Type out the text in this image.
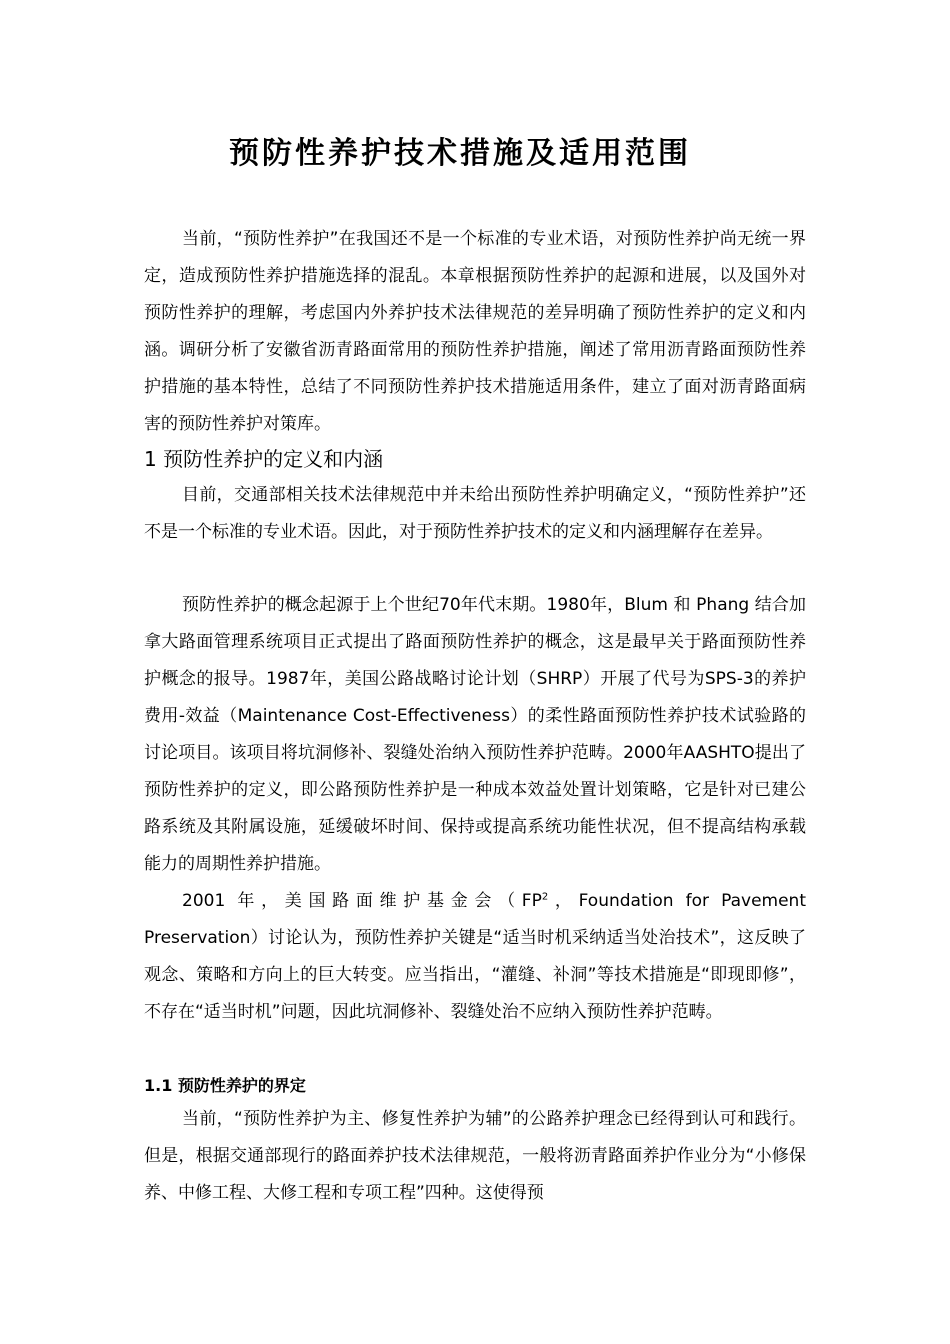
预防性养护技术措施及适用范围

当前，“预防性养护”在我国还不是一个标准的专业术语，对预防性养护尚无统一界定，造成预防性养护措施选择的混乱。本章根据预防性养护的起源和进展，以及国外对预防性养护的理解，考虑国内外养护技术法律规范的差异明确了预防性养护的定义和内涵。调研分析了安徽省沥青路面常用的预防性养护措施，阐述了常用沥青路面预防性养护措施的基本特性，总结了不同预防性养护技术措施适用条件，建立了面对沥青路面病害的预防性养护对策库。

1 预防性养护的定义和内涵

目前，交通部相关技术法律规范中并未给出预防性养护明确定义，“预防性养护”还不是一个标准的专业术语。因此，对于预防性养护技术的定义和内涵理解存在差异。

预防性养护的概念起源于上个世纪70年代末期。1980年，Blum 和 Phang 结合加拿大路面管理系统项目正式提出了路面预防性养护的概念，这是最早关于路面预防性养护概念的报导。1987年，美国公路战略讨论计划（SHRP）开展了代号为SPS-3的养护费用-效益（Maintenance Cost-Effectiveness）的柔性路面预防性养护技术试验路的讨论项目。该项目将坑洞修补、裂缝处治纳入预防性养护范畴。2000年AASHTO提出了预防性养护的定义，即公路预防性养护是一种成本效益处置计划策略，它是针对已建公路系统及其附属设施，延缓破坏时间、保持或提高系统功能性状况，但不提高结构承载能力的周期性养护措施。

2001 年，美国路面维护基金会（$FP^2$，Foundation for Pavement Preservation）讨论认为，预防性养护关键是“适当时机采纳适当处治技术”，这反映了观念、策略和方向上的巨大转变。应当指出，“灌缝、补洞”等技术措施是“即现即修”，不存在“适当时机”问题，因此坑洞修补、裂缝处治不应纳入预防性养护范畴。

1.1 预防性养护的界定

当前，“预防性养护为主、修复性养护为辅”的公路养护理念已经得到认可和践行。但是，根据交通部现行的路面养护技术法律规范，一般将沥青路面养护作业分为“小修保养、中修工程、大修工程和专项工程”四种。这使得预
